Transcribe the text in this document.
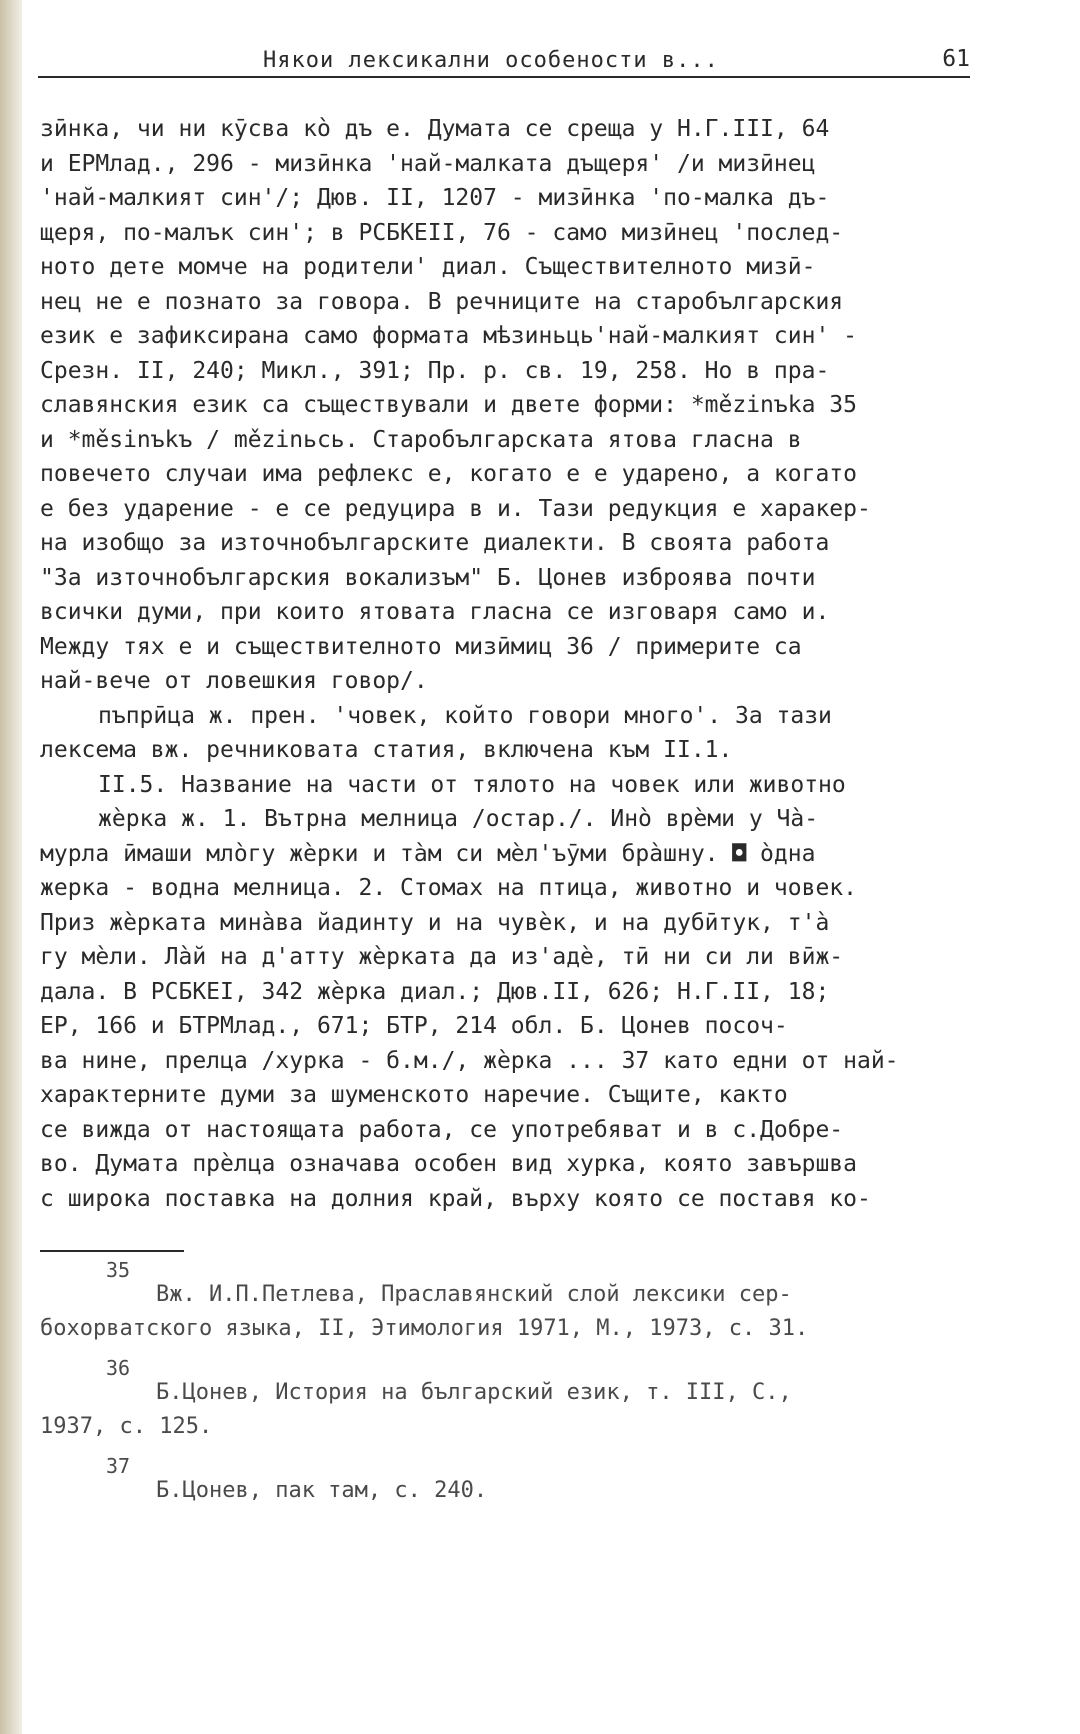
Някои лексикални особености в...	61
зӣнка, чи ни кӯсва кò дъ е. Думата се среща у Н.Г.III, 64
и ЕРМлад., 296 - мизӣнка 'най-малката дъщеря' /и мизӣнец
'най-малкият син'/; Дюв. II, 1207 - мизӣнка 'по-малка дъ-
щеря, по-малък син'; в РСБКЕII, 76 - само мизӣнец 'послед-
ното дете момче на родители' диал. Съществителното мизӣ-
нец не е познато за говора. В речниците на старобългарския
език е зафиксирана само формата мѣзиньць'най-малкият син' -
Срезн. II, 240; Микл., 391; Пр. р. св. 19, 258. Но в пра-
славянския език са съществували и двете форми: *mězinъka 35
и *měsinъkъ / mězinьсь. Старобългарската ятова гласна в
повечето случаи има рефлекс е, когато е е ударено, а когато
е без ударение - е се редуцира в и. Тази редукция е харакер-
на изобщо за източнобългарските диалекти. В своята работа
"За източнобългарския вокализъм" Б. Цонев изброява почти
всички думи, при които ятовата гласна се изговаря само и.
Между тях е и съществителното мизӣмиц 36 / примерите са
най-вече от ловешкия говор/.
пъпрӣца ж. прен. 'човек, който говори много'. За тази
лексема вж. речниковата статия, включена към II.1.
II.5. Название на части от тялото на човек или животно
жѐрка ж. 1. Вътрна мелница /остар./. Инò врѐми у Чà-
мурла ӣмаши млòгу жѐрки и тàм си мѐл'ъӯми брàшну. ◘ òдна
жерка - водна мелница. 2. Стомах на птица, животно и човек.
Приз жѐрката минàва йадинту и на чувѐк, и на дубӣтук, т'à
гу мѐли. Лàй на д'атту жѐрката да из'адѐ, тӣ ни си ли вӣж-
дала. В РСБКЕI, 342 жѐрка диал.; Дюв.II, 626; Н.Г.II, 18;
ЕР, 166 и БТРМлад., 671; БТР, 214 обл. Б. Цонев посоч-
ва нине, прелца /хурка - б.м./, жѐрка ... 37 като едни от най-
характерните думи за шуменското наречие. Същите, както
се вижда от настоящата работа, се употребяват и в с.Добре-
во. Думата прѐлца означава особен вид хурка, която завършва
с широка поставка на долния край, върху която се поставя ко-
35
Вж. И.П.Петлева, Праславянский слой лексики сер-
бохорватского языка, II, Этимология 1971, М., 1973, с. 31.
36
Б.Цонев, История на българский език, т. III, С.,
1937, с. 125.
37
Б.Цонев, пак там, с. 240.
